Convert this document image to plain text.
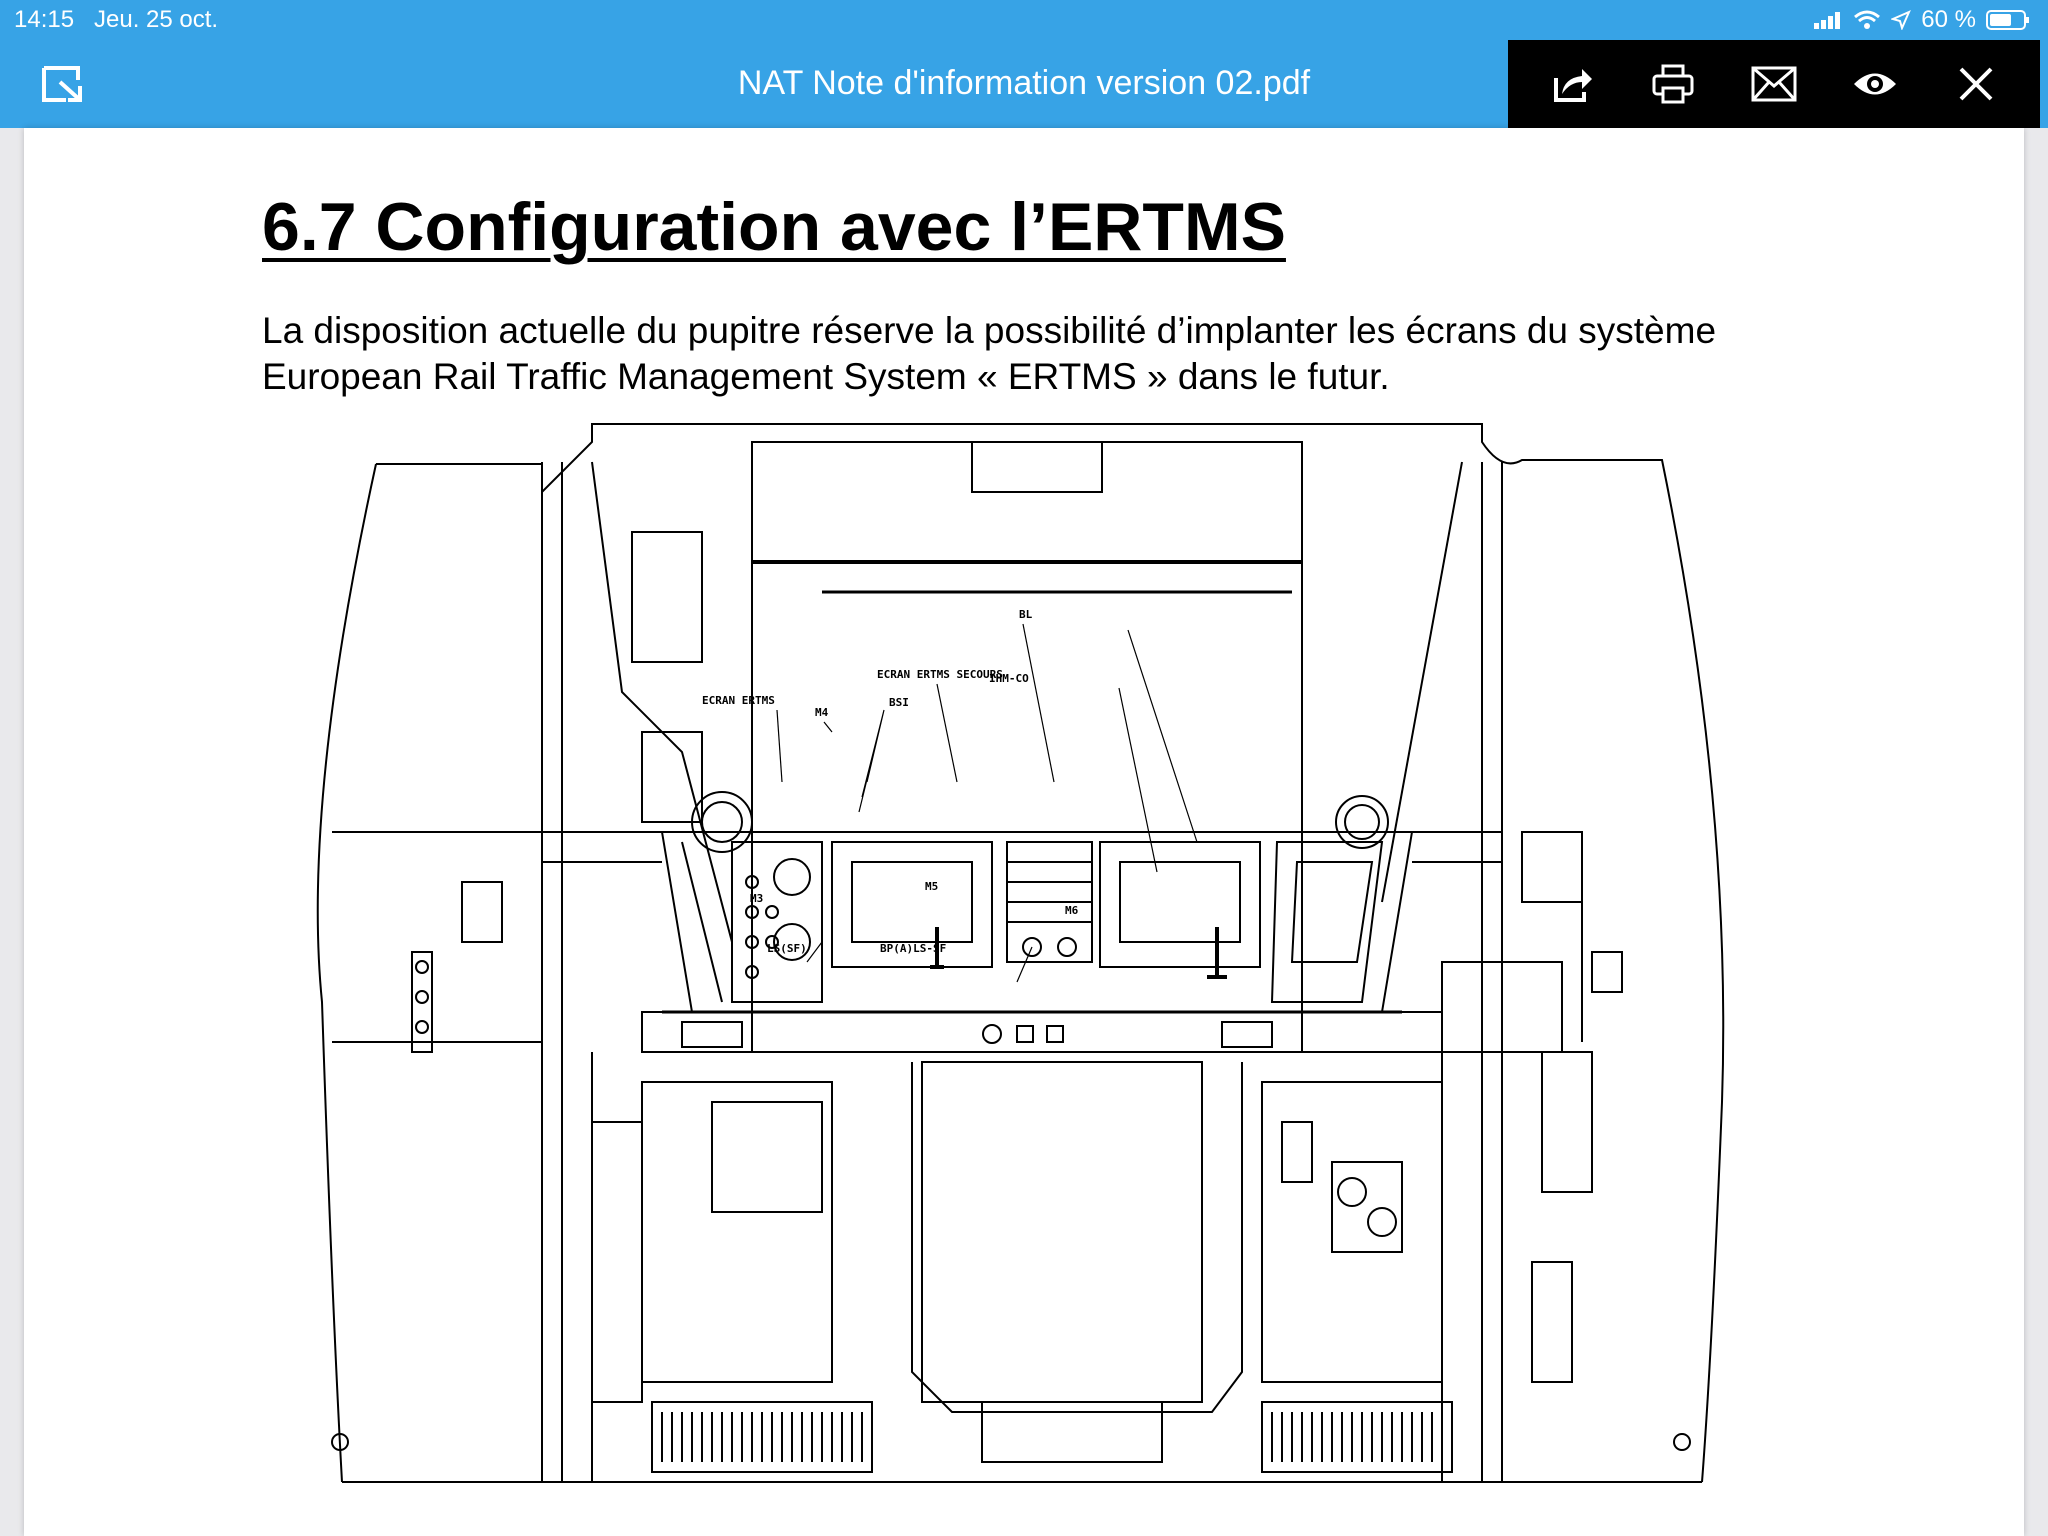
14:15 Jeu. 25 oct.	60 %
NAT Note d'information version 02.pdf
6.7 Configuration avec l’ERTMS
La disposition actuelle du pupitre réserve la possibilité d’implanter les écrans du système European Rail Traffic Management System « ERTMS » dans le futur.
ECRAN ERTMS
ECRAN ERTMS SECOURS
M4
BSI
BL
IHM-CO
M3
M5
M6
LS(SF)	BP(A)LS-SF
